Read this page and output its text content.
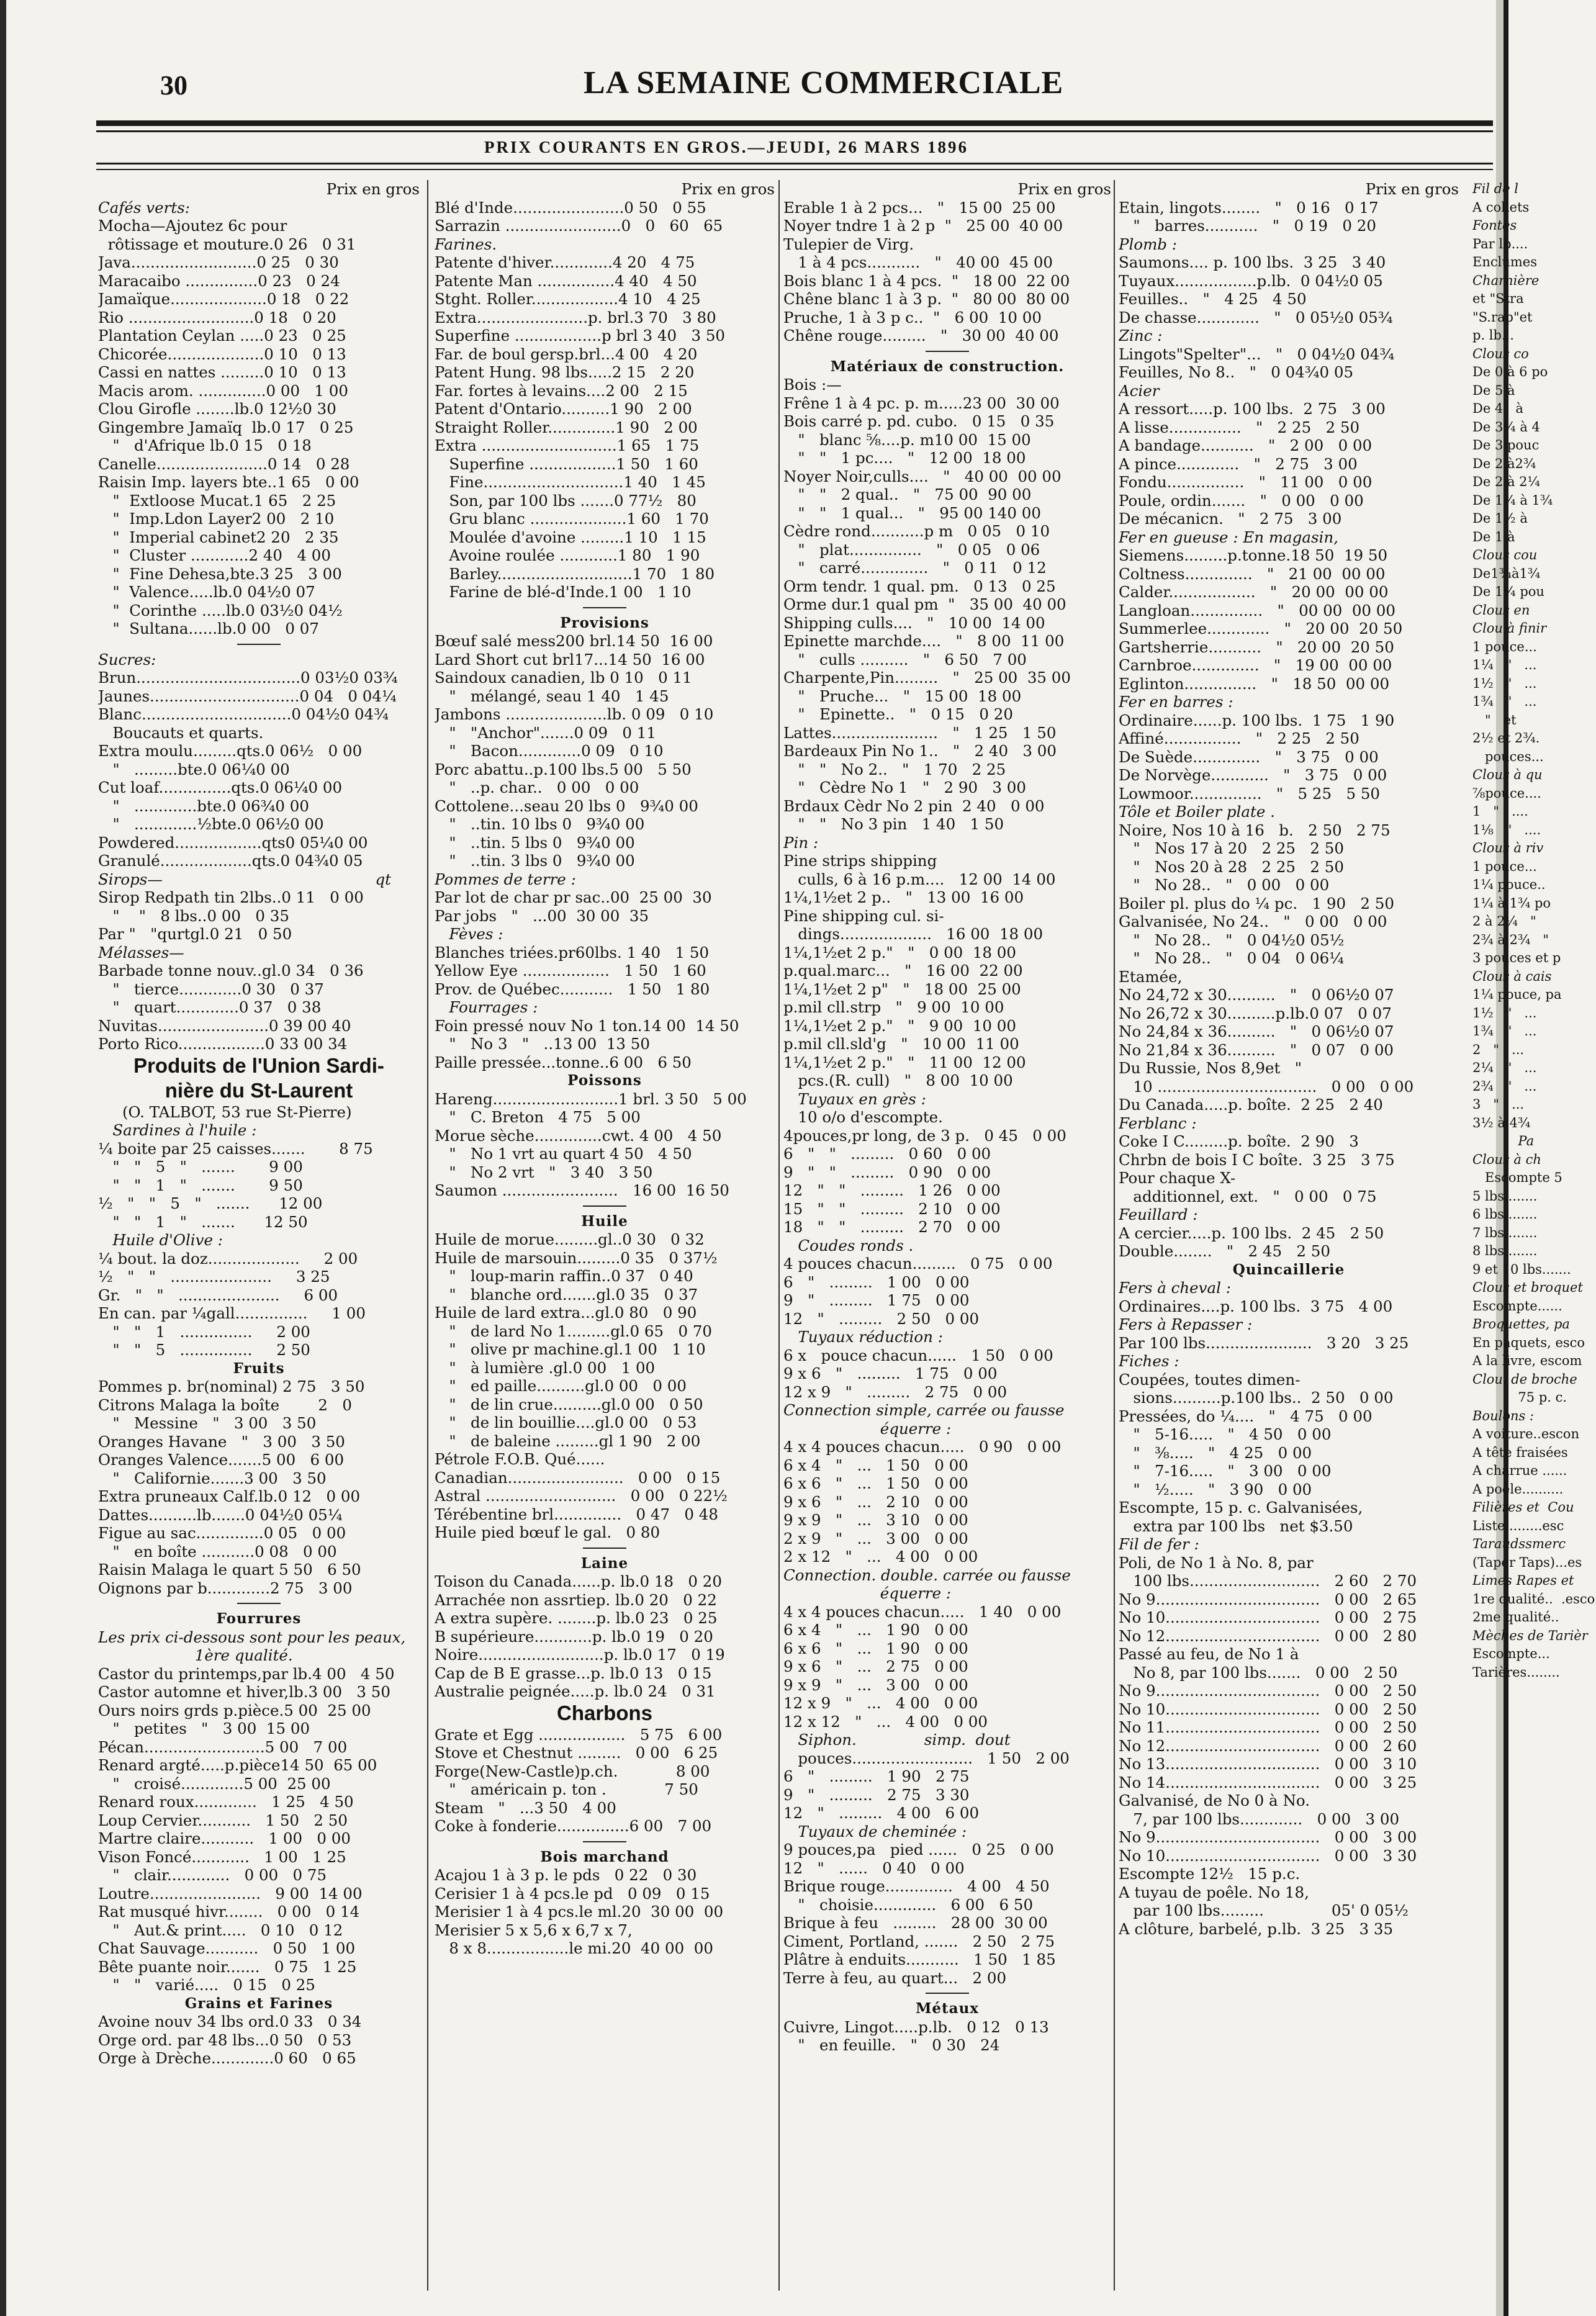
30	LA SEMAINE COMMERCIALE
PRIX COURANTS EN GROS.—JEUDI, 26 MARS 1896
Prix en gros
Cafés verts:
Mocha—Ajoutez 6c pour
rôtissage et mouture.0 26   0 31
Java..........................0 25   0 30
Maracaibo ...............0 23   0 24
Jamaïque....................0 18   0 22
Rio ..........................0 18   0 20
Plantation Ceylan .....0 23   0 25
Chicorée....................0 10   0 13
Cassi en nattes .........0 10   0 13
Macis arom. ..............0 00   1 00
Clou Girofle ........lb.0 12½0 30
Gingembre Jamaïq  lb.0 17   0 25
"   d'Afrique lb.0 15   0 18
Canelle.......................0 14   0 28
Raisin Imp. layers bte..1 65   0 00
"  Extloose Mucat.1 65   2 25
"  Imp.Ldon Layer2 00   2 10
"  Imperial cabinet2 20   2 35
"  Cluster ............2 40   4 00
"  Fine Dehesa,bte.3 25   3 00
"  Valence.....lb.0 04½0 07
"  Corinthe .....lb.0 03½0 04½
"  Sultana......lb.0 00   0 07
Sucres:
Brun..................................0 03½0 03¾
Jaunes...............................0 04   0 04¼
Blanc...............................0 04½0 04¾
Boucauts et quarts.
Extra moulu.........qts.0 06½   0 00
"   .........bte.0 06¼0 00
Cut loaf...............qts.0 06¼0 00
"   .............bte.0 06¾0 00
"   .............½bte.0 06½0 00
Powdered..................qts0 05¼0 00
Granulé...................qts.0 04¾0 05
Sirops—                                            qt
Sirop Redpath tin 2lbs..0 11   0 00
"    "   8 lbs..0 00   0 35
Par "   "qurtgl.0 21   0 50
Mélasses—
Barbade tonne nouv..gl.0 34   0 36
"   tierce.............0 30   0 37
"   quart.............0 37   0 38
Nuvitas.......................0 39 00 40
Porto Rico..................0 33 00 34
Produits de l'Union Sardi-
nière du St-Laurent
(O. TALBOT, 53 rue St-Pierre)
Sardines à l'huile :
¼ boite par 25 caisses.......       8 75
"   "   5   "   .......       9 00
"   "   1   "   .......       9 50
½   "   "   5   "   .......      12 00
"   "   1   "   .......      12 50
Huile d'Olive :
¼ bout. la doz...................     2 00
½   "   "   .....................     3 25
Gr.   "   "   .....................     6 00
En can. par ¼gall...............     1 00
"   "   1   ...............     2 00
"   "   5   ...............     2 50
Fruits
Pommes p. br(nominal) 2 75   3 50
Citrons Malaga la boîte        2   0
"   Messine   "   3 00   3 50
Oranges Havane   "   3 00   3 50
Oranges Valence.......5 00   6 00
"   Californie.......3 00   3 50
Extra pruneaux Calf.lb.0 12   0 00
Dattes..........lb.......0 04½0 05¼
Figue au sac..............0 05   0 00
"   en boîte ...........0 08   0 00
Raisin Malaga le quart 5 50   6 50
Oignons par b.............2 75   3 00
Fourrures
Les prix ci-dessous sont pour les peaux,
1ère qualité.
Castor du printemps,par lb.4 00   4 50
Castor automne et hiver,lb.3 00   3 50
Ours noirs grds p.pièce.5 00  25 00
"   petites   "   3 00  15 00
Pécan.........................5 00   7 00
Renard argté.....p.pièce14 50  65 00
"   croisé.............5 00  25 00
Renard roux.............   1 25   4 50
Loup Cervier...........   1 50   2 50
Martre claire...........   1 00   0 00
Vison Foncé............   1 00   1 25
"   clair.............   0 00   0 75
Loutre.......................   9 00  14 00
Rat musqué hivr........   0 00   0 14
"   Aut.& print.....   0 10   0 12
Chat Sauvage...........   0 50   1 00
Bête puante noir.......   0 75   1 25
"   "   varié.....   0 15   0 25
Grains et Farines
Avoine nouv 34 lbs ord.0 33   0 34
Orge ord. par 48 lbs...0 50   0 53
Orge à Drèche.............0 60   0 65
Prix en gros
Blé d'Inde.......................0 50   0 55
Sarrazin ........................0   0   60   65
Farines.
Patente d'hiver.............4 20   4 75
Patente Man ................4 40   4 50
Stght. Roller..................4 10   4 25
Extra.......................p. brl.3 70   3 80
Superfine ..................p brl 3 40   3 50
Far. de boul gersp.brl...4 00   4 20
Patent Hung. 98 lbs.....2 15   2 20
Far. fortes à levains....2 00   2 15
Patent d'Ontario..........1 90   2 00
Straight Roller..............1 90   2 00
Extra ............................1 65   1 75
Superfine ..................1 50   1 60
Fine.............................1 40   1 45
Son, par 100 lbs .......0 77½   80
Gru blanc ....................1 60   1 70
Moulée d'avoine .........1 10   1 15
Avoine roulée ............1 80   1 90
Barley............................1 70   1 80
Farine de blé-d'Inde.1 00   1 10
Provisions
Bœuf salé mess200 brl.14 50  16 00
Lard Short cut brl17...14 50  16 00
Saindoux canadien, lb 0 10   0 11
"   mélangé, seau 1 40   1 45
Jambons .....................lb. 0 09   0 10
"   "Anchor".......0 09   0 11
"   Bacon.............0 09   0 10
Porc abattu..p.100 lbs.5 00   5 50
"   ..p. char..   0 00   0 00
Cottolene...seau 20 lbs 0   9¾0 00
"   ..tin. 10 lbs 0   9¾0 00
"   ..tin. 5 lbs 0   9¾0 00
"   ..tin. 3 lbs 0   9¾0 00
Pommes de terre :
Par lot de char pr sac..00  25 00  30
Par jobs   "   ...00  30 00  35
Fèves :
Blanches triées.pr60lbs. 1 40   1 50
Yellow Eye ..................   1 50   1 60
Prov. de Québec...........   1 50   1 80
Fourrages :
Foin pressé nouv No 1 ton.14 00  14 50
"   No 3   "   ..13 00  13 50
Paille pressée...tonne..6 00   6 50
Poissons
Hareng..........................1 brl. 3 50   5 00
"   C. Breton   4 75   5 00
Morue sèche..............cwt. 4 00   4 50
"   No 1 vrt au quart 4 50   4 50
"   No 2 vrt   "   3 40   3 50
Saumon ........................   16 00  16 50
Huile
Huile de morue.........gl..0 30   0 32
Huile de marsouin.........0 35   0 37½
"   loup-marin raffin..0 37   0 40
"   blanche ord.......gl.0 35   0 37
Huile de lard extra...gl.0 80   0 90
"   de lard No 1.........gl.0 65   0 70
"   olive pr machine.gl.1 00   1 10
"   à lumière .gl.0 00   1 00
"   ed paille..........gl.0 00   0 00
"   de lin crue..........gl.0 00   0 50
"   de lin bouillie....gl.0 00   0 53
"   de baleine .........gl 1 90   2 00
Pétrole F.O.B. Qué......
Canadian........................   0 00   0 15
Astral ...........................   0 00   0 22½
Térébentine brl..............   0 47   0 48
Huile pied bœuf le gal.   0 80
Laine
Toison du Canada......p. lb.0 18   0 20
Arrachée non assrtiep. lb.0 20   0 22
A extra supère. ........p. lb.0 23   0 25
B supérieure............p. lb.0 19   0 20
Noire..........................p. lb.0 17   0 19
Cap de B E grasse...p. lb.0 13   0 15
Australie peignée.....p. lb.0 24   0 31
Charbons
Grate et Egg ..................   5 75   6 00
Stove et Chestnut .........   0 00   6 25
Forge(New-Castle)p.ch.            8 00
"   américain p. ton .            7 50
Steam   "   ...3 50   4 00
Coke à fonderie...............6 00   7 00
Bois marchand
Acajou 1 à 3 p. le pds   0 22   0 30
Cerisier 1 à 4 pcs.le pd   0 09   0 15
Merisier 1 à 4 pcs.le ml.20  30 00  00
Merisier 5 x 5,6 x 6,7 x 7,
8 x 8.................le mi.20  40 00  00
Prix en gros
Erable 1 à 2 pcs...   "   15 00  25 00
Noyer tndre 1 à 2 p  "   25 00  40 00
Tulepier de Virg.
1 à 4 pcs...........   "   40 00  45 00
Bois blanc 1 à 4 pcs.  "   18 00  22 00
Chêne blanc 1 à 3 p.  "   80 00  80 00
Pruche, 1 à 3 p c..  "   6 00  10 00
Chêne rouge.........   "   30 00  40 00
Matériaux de construction.
Bois :—
Frêne 1 à 4 pc. p. m.....23 00  30 00
Bois carré p. pd. cubo.   0 15   0 35
"   blanc ⅝....p. m10 00  15 00
"   "   1 pc....   "   12 00  18 00
Noyer Noir,culls....   "   40 00  00 00
"   "   2 qual..   "   75 00  90 00
"   "   1 qual...   "   95 00 140 00
Cèdre rond...........p m   0 05   0 10
"   plat...............   "   0 05   0 06
"   carré..............   "   0 11   0 12
Orm tendr. 1 qual. pm.   0 13   0 25
Orme dur.1 qual pm  "   35 00  40 00
Shipping culls....   "   10 00  14 00
Epinette marchde....   "   8 00  11 00
"   culls ..........   "   6 50   7 00
Charpente,Pin.........   "   25 00  35 00
"   Pruche...   "   15 00  18 00
"   Epinette..   "   0 15   0 20
Lattes......................   "   1 25   1 50
Bardeaux Pin No 1..   "   2 40   3 00
"   "   No 2..   "   1 70   2 25
"   Cèdre No 1   "   2 90   3 00
Brdaux Cèdr No 2 pin  2 40   0 00
"   "   No 3 pin   1 40   1 50
Pin :
Pine strips shipping
culls, 6 à 16 p.m....   12 00  14 00
1¼,1½et 2 p..   "   13 00  16 00
Pine shipping cul. si-
dings...................   16 00  18 00
1¼,1½et 2 p."   "   0 00  18 00
p.qual.marc...   "   16 00  22 00
1¼,1½et 2 p"   "   18 00  25 00
p.mil cll.strp   "   9 00  10 00
1¼,1½et 2 p."   "   9 00  10 00
p.mil cll.sld'g   "   10 00  11 00
1¼,1½et 2 p."   "   11 00  12 00
pcs.(R. cull)   "   8 00  10 00
Tuyaux en grès :
10 o/o d'escompte.
4pouces,pr long, de 3 p.   0 45   0 00
6   "   "   .........   0 60   0 00
9   "   "   .........   0 90   0 00
12   "   "   .........   1 26   0 00
15   "   "   .........   2 10   0 00
18   "   "   .........   2 70   0 00
Coudes ronds .
4 pouces chacun.........   0 75   0 00
6   "   .........   1 00   0 00
9   "   .........   1 75   0 00
12   "   .........   2 50   0 00
Tuyaux réduction :
6 x   pouce chacun......   1 50   0 00
9 x 6   "   .........   1 75   0 00
12 x 9   "   .........   2 75   0 00
Connection simple, carrée ou fausse
équerre :
4 x 4 pouces chacun.....   0 90   0 00
6 x 4   "   ...   1 50   0 00
6 x 6   "   ...   1 50   0 00
9 x 6   "   ...   2 10   0 00
9 x 9   "   ...   3 10   0 00
2 x 9   "   ...   3 00   0 00
2 x 12   "   ...   4 00   0 00
Connection. double. carrée ou fausse
équerre :
4 x 4 pouces chacun.....   1 40   0 00
6 x 4   "   ...   1 90   0 00
6 x 6   "   ...   1 90   0 00
9 x 6   "   ...   2 75   0 00
9 x 9   "   ...   3 00   0 00
12 x 9   "   ...   4 00   0 00
12 x 12   "   ...   4 00   0 00
Siphon.              simp.  dout
pouces.........................   1 50   2 00
6   "   .........   1 90   2 75
9   "   .........   2 75   3 30
12   "   .........   4 00   6 00
Tuyaux de cheminée :
9 pouces,pa   pied ......   0 25   0 00
12   "   ......   0 40   0 00
Brique rouge..............   4 00   4 50
"   choisie.............   6 00   6 50
Brique à feu   .........   28 00  30 00
Ciment, Portland, .......   2 50   2 75
Plâtre à enduits...........   1 50   1 85
Terre à feu, au quart...   2 00
Métaux
Cuivre, Lingot.....p.lb.   0 12   0 13
"   en feuille.   "   0 30   24
Prix en gros
Etain, lingots........   "   0 16   0 17
"   barres...........   "   0 19   0 20
Plomb :
Saumons.... p. 100 lbs.  3 25   3 40
Tuyaux.................p.lb.  0 04½0 05
Feuilles..   "   4 25   4 50
De chasse.............   "   0 05½0 05¾
Zinc :
Lingots"Spelter"...   "   0 04½0 04¾
Feuilles, No 8..   "   0 04¾0 05
Acier
A ressort.....p. 100 lbs.  2 75   3 00
A lisse...............   "   2 25   2 50
A bandage...........   "   2 00   0 00
A pince.............   "   2 75   3 00
Fondu................   "   11 00   0 00
Poule, ordin.......   "   0 00   0 00
De mécanicn.   "   2 75   3 00
Fer en gueuse : En magasin,
Siemens.........p.tonne.18 50  19 50
Coltness..............   "   21 00  00 00
Calder..................   "   20 00  00 00
Langloan...............   "   00 00  00 00
Summerlee.............   "   20 00  20 50
Gartsherrie...........   "   20 00  20 50
Carnbroe..............   "   19 00  00 00
Eglinton...............   "   18 50  00 00
Fer en barres :
Ordinaire......p. 100 lbs.  1 75   1 90
Affiné................   "   2 25   2 50
De Suède..............   "   3 75   0 00
De Norvège............   "   3 75   0 00
Lowmoor...............   "   5 25   5 50
Tôle et Boiler plate .
Noire, Nos 10 à 16   b.   2 50   2 75
"   Nos 17 à 20   2 25   2 50
"   Nos 20 à 28   2 25   2 50
"   No 28..   "   0 00   0 00
Boiler pl. plus do ¼ pc.   1 90   2 50
Galvanisée, No 24..   "   0 00   0 00
"   No 28..   "   0 04½0 05½
"   No 28..   "   0 04   0 06¼
Etamée,
No 24,72 x 30..........   "   0 06½0 07
No 26,72 x 30..........p.lb.0 07   0 07
No 24,84 x 36..........   "   0 06½0 07
No 21,84 x 36..........   "   0 07   0 00
Du Russie, Nos 8,9et   "
10 .................................   0 00   0 00
Du Canada.....p. boîte.  2 25   2 40
Ferblanc :
Coke I C.........p. boîte.  2 90   3
Chrbn de bois I C boîte.  3 25   3 75
Pour chaque X-
additionnel, ext.   "   0 00   0 75
Feuillard :
A cercier.....p. 100 lbs.  2 45   2 50
Double........   "   2 45   2 50
Quincaillerie
Fers à cheval :
Ordinaires....p. 100 lbs.  3 75   4 00
Fers à Repasser :
Par 100 lbs......................   3 20   3 25
Fiches :
Coupées, toutes dimen-
sions..........p.100 lbs..  2 50   0 00
Pressées, do ¼....   "   4 75   0 00
"   5-16.....   "   4 50   0 00
"   ⅜.....   "   4 25   0 00
"   7-16.....   "   3 00   0 00
"   ½.....   "   3 90   0 00
Escompte, 15 p. c. Galvanisées,
extra par 100 lbs   net $3.50
Fil de fer :
Poli, de No 1 à No. 8, par
100 lbs...........................   2 60   2 70
No 9..................................   0 00   2 65
No 10................................   0 00   2 75
No 12................................   0 00   2 80
Passé au feu, de No 1 à
No 8, par 100 lbs.......   0 00   2 50
No 9..................................   0 00   2 50
No 10................................   0 00   2 50
No 11................................   0 00   2 50
No 12................................   0 00   2 60
No 13................................   0 00   3 10
No 14................................   0 00   3 25
Galvanisé, de No 0 à No.
7, par 100 lbs.............   0 00   3 00
No 9..................................   0 00   3 00
No 10................................   0 00   3 30
Escompte 12½   15 p.c.
A tuyau de poêle. No 18,
par 100 lbs.........              05' 0 05½
A clôture, barbelé, p.lb.  3 25   3 35
Fil de l
A collets
Fontes
Par lb....
Enclumes
Charnière
et "Stra
"S.rap"et
p. lb...
Clous co
De 0 à 6 po
De 5 à
De 4   à
De 3¼ à 4
De 3 pouc
De 2 à2¾
De 2 à 2¼
De 1¾ à 1¾
De 1½ à
De 1 à
Clous cou
De1¾à1¾
De 1¼ pou
Clous en
Clou à finir
1 pouce...
1¼   "   ...
1½   "   ...
1¾   "   ...
"   et
2½ et 2¾.
pouces...
Clous à qu
⅞pouce....
1   "   ....
1⅛   "   ....
Clous à riv
1 pouce...
1¼ pouce..
1¼ à 1¾ po
2 à 2¼   "
2¾ à 2¾   "
3 pouces et p
Clous à cais
1¼ pouce, pa
1½   "   ...
1¾   "   ...
2   "   ...
2¼   "   ...
2¾   "   ...
3   "   ...
3½ à 4¾
Pa
Clous à ch
Escompte 5
5 lbs........
6 lbs........
7 lbs........
8 lbs........
9 et 10 lbs.......
Clous et broquet
Escompte......
Broquettes, pa
En paquets, esco
A la livre, escom
Clou. de broche
75 p. c.
Boulons :
A voiture..escon
A tête fraisées
A charrue ......
A poêle..........
Filières et  Cou
Liste.........esc
Taraudssmerc
(Taper Taps)...es
Limes Rapes et
1re qualité..  .esco
2me qualité..
Mèches de Tarièr
Escompte...
Tarières........
